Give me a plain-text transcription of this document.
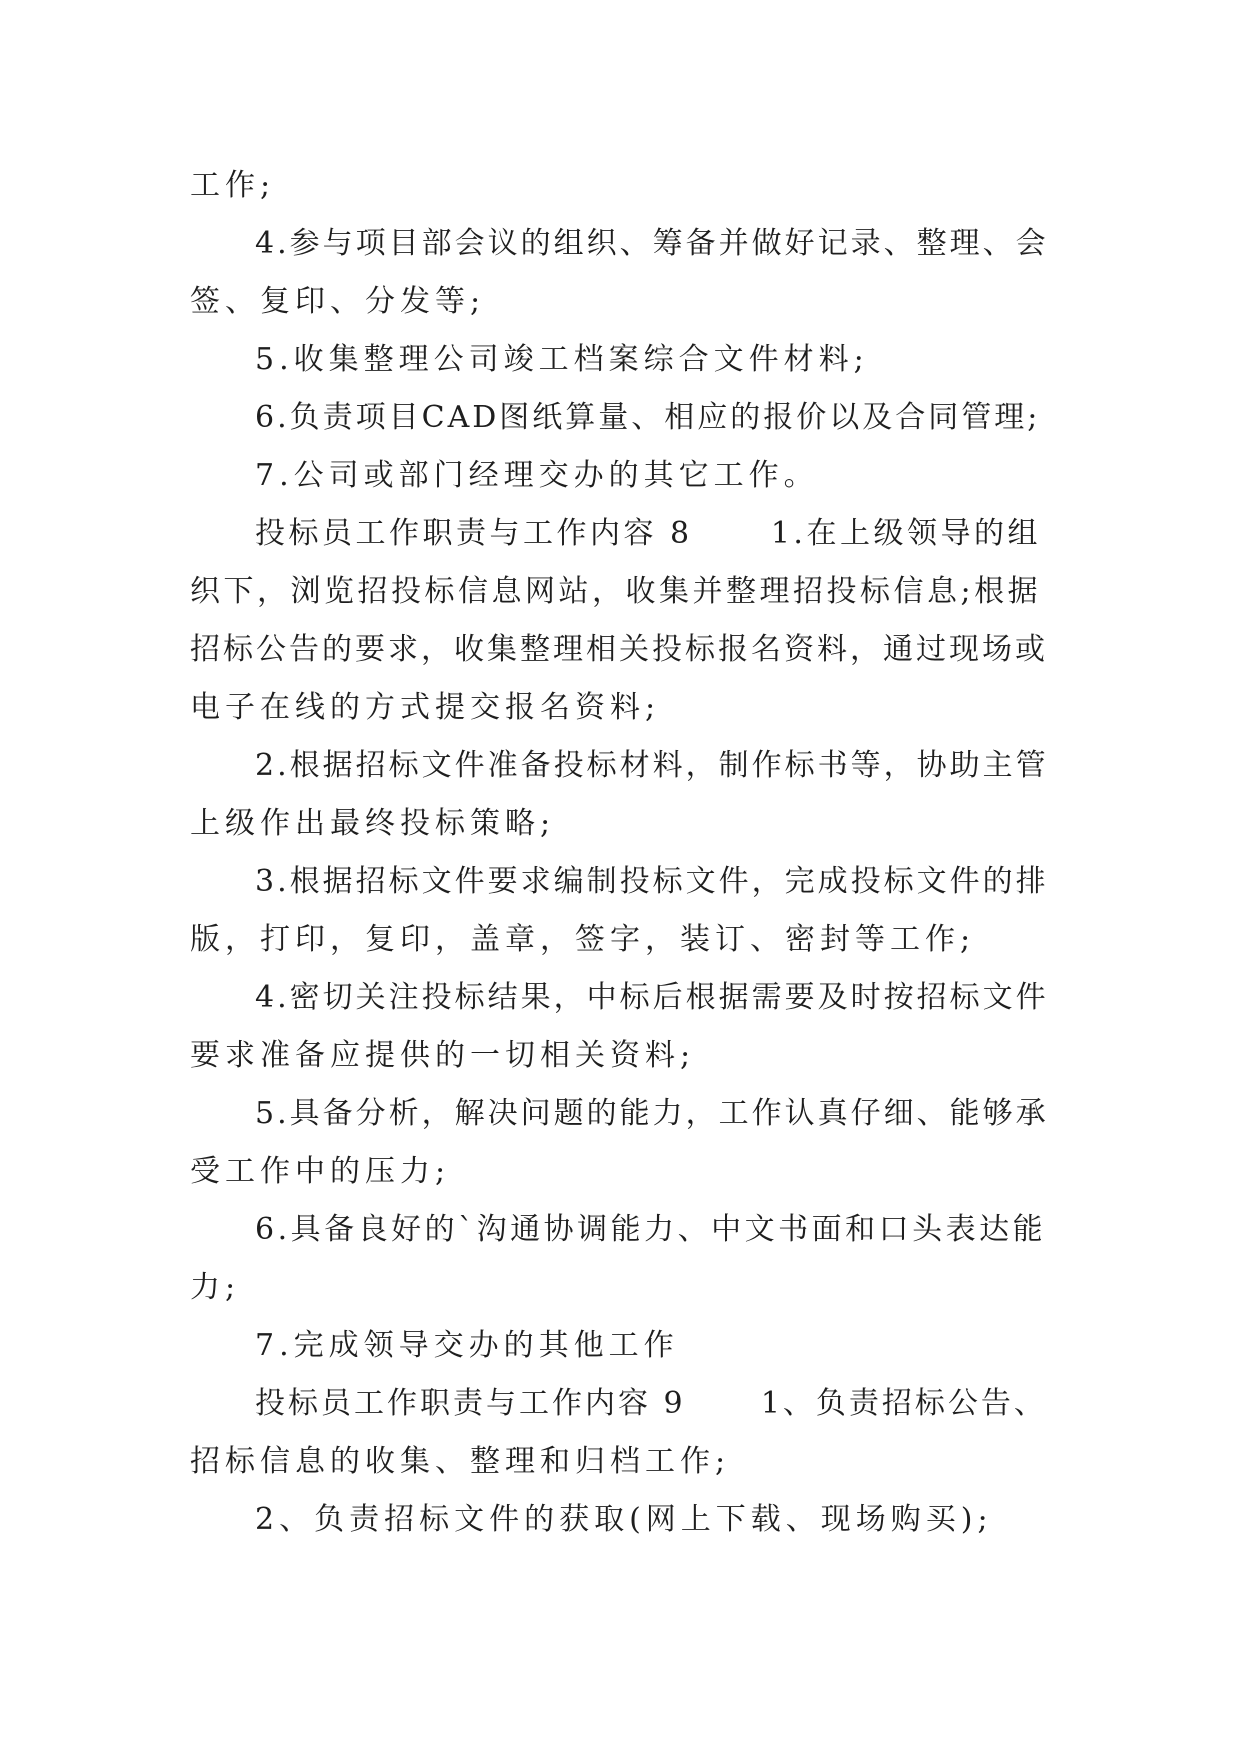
工作;
4.参与项目部会议的组织、筹备并做好记录、整理、会
签、复印、分发等;
5.收集整理公司竣工档案综合文件材料;
6.负责项目CAD图纸算量、相应的报价以及合同管理;
7.公司或部门经理交办的其它工作。
投标员工作职责与工作内容 8      1.在上级领导的组
织下，浏览招投标信息网站，收集并整理招投标信息;根据
招标公告的要求，收集整理相关投标报名资料，通过现场或
电子在线的方式提交报名资料;
2.根据招标文件准备投标材料，制作标书等，协助主管
上级作出最终投标策略;
3.根据招标文件要求编制投标文件，完成投标文件的排
版，打印，复印，盖章，签字，装订、密封等工作;
4.密切关注投标结果，中标后根据需要及时按招标文件
要求准备应提供的一切相关资料;
5.具备分析，解决问题的能力，工作认真仔细、能够承
受工作中的压力;
6.具备良好的`沟通协调能力、中文书面和口头表达能
力;
7.完成领导交办的其他工作
投标员工作职责与工作内容 9      1、负责招标公告、
招标信息的收集、整理和归档工作;
2、负责招标文件的获取(网上下载、现场购买);
